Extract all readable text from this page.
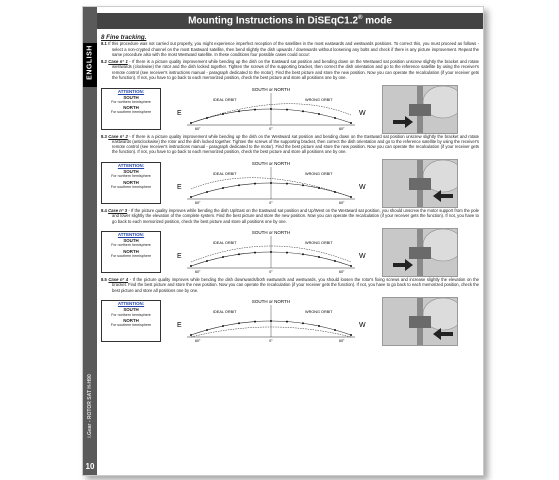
ENGLISH
i.Gear - ROTOR SAT H-H90
10
Mounting Instructions in DiSEqC1.2® mode
8 Fine tracking.

8.1 If this procedure was not carried out properly, you might experience imperfect reception of the satellites in the most eastwards and westwards positions. To correct this, you must proceed as follows - select a non-crypted channel on the most Eastward satellite, then bend slightly the dish upwards / downwards without loosening any bolts and check if there is any picture improvement. Repeat the same procedure also with the most Westward satellite. In these conditions four possible cases could occur:

8.2 Case n° 1 - If there is a picture quality improvement while bending up the dish on the Eastward sat position and bending down on the Westward sat position unscrew slightly the bracket and rotate westwards (clockwise) the rotor and the dish locked together. Tighten the screws of the supporting bracket, then correct the dish orientation and go to the reference satellite by using the receiver's remote control (see receiver's instructions manual - paragraph dedicated to the motor). Find the best picture and store the new position. Now you can operate the recalculation (if your receiver gets the function). If not, you have to go back to each memorized position, check the best picture and store all positions one by one.

ATTENTION:
SOUTH
For northern hemisphere
NORTH
For southern hemisphere
SOUTH or NORTH
IDEAL ORBIT	WRONG ORBIT
E	W
60°	0°	60°

8.3 Case n° 2 - If there is a picture quality improvement while bending up the dish on the Westward sat position and bending down on the Eastward sat position unscrew slightly the bracket and rotate eastwards (anticlockwise) the rotor and the dish locked together. Tighten the screws of the supporting bracket, then correct the dish orientation and go to the reference satellite by using the receiver's remote control (see receiver's instructions manual - paragraph dedicated to the motor). Find the best picture and store the new position. Now you can operate the recalculation (if your receiver gets the function). If not, you have to go back to each memorized position, check the best picture and store all positions one by one.

ATTENTION:
SOUTH
For northern hemisphere
NORTH
For southern hemisphere
SOUTH or NORTH
IDEAL ORBIT	WRONG ORBIT
E	W
60°	0°	60°

8.4 Case n° 3 - If the picture quality improves while bending the dish Up/East on the Eastward sat position and Up/West on the Westward sat position, you should unscrew the motor support from the pole and lower slightly the elevation of the complete system. Find the best picture and store the new position. Now you can operate the recalculation (if your receiver gets the function). If not, you have to go back to each memorized position, check the best picture and store all positions one by one.

ATTENTION:
SOUTH
For northern hemisphere
NORTH
For southern hemisphere
SOUTH or NORTH
IDEAL ORBIT	WRONG ORBIT
E	W
60°	0°	60°

8.5 Case n° 4 - If the picture quality improves while bending the dish downwards/both eastwards and westwards, you should loosen the rotor's fixing screws and increase slightly the elevation on the bracket. Find the best picture and store the new position. Now you can operate the recalculation (if your receiver gets the function). If not, you have to go back to each memorized position, check the best picture and store all positions one by one.

ATTENTION:
SOUTH
For northern hemisphere
NORTH
For southern hemisphere
SOUTH or NORTH
IDEAL ORBIT	WRONG ORBIT
E	W
60°	0°	60°
